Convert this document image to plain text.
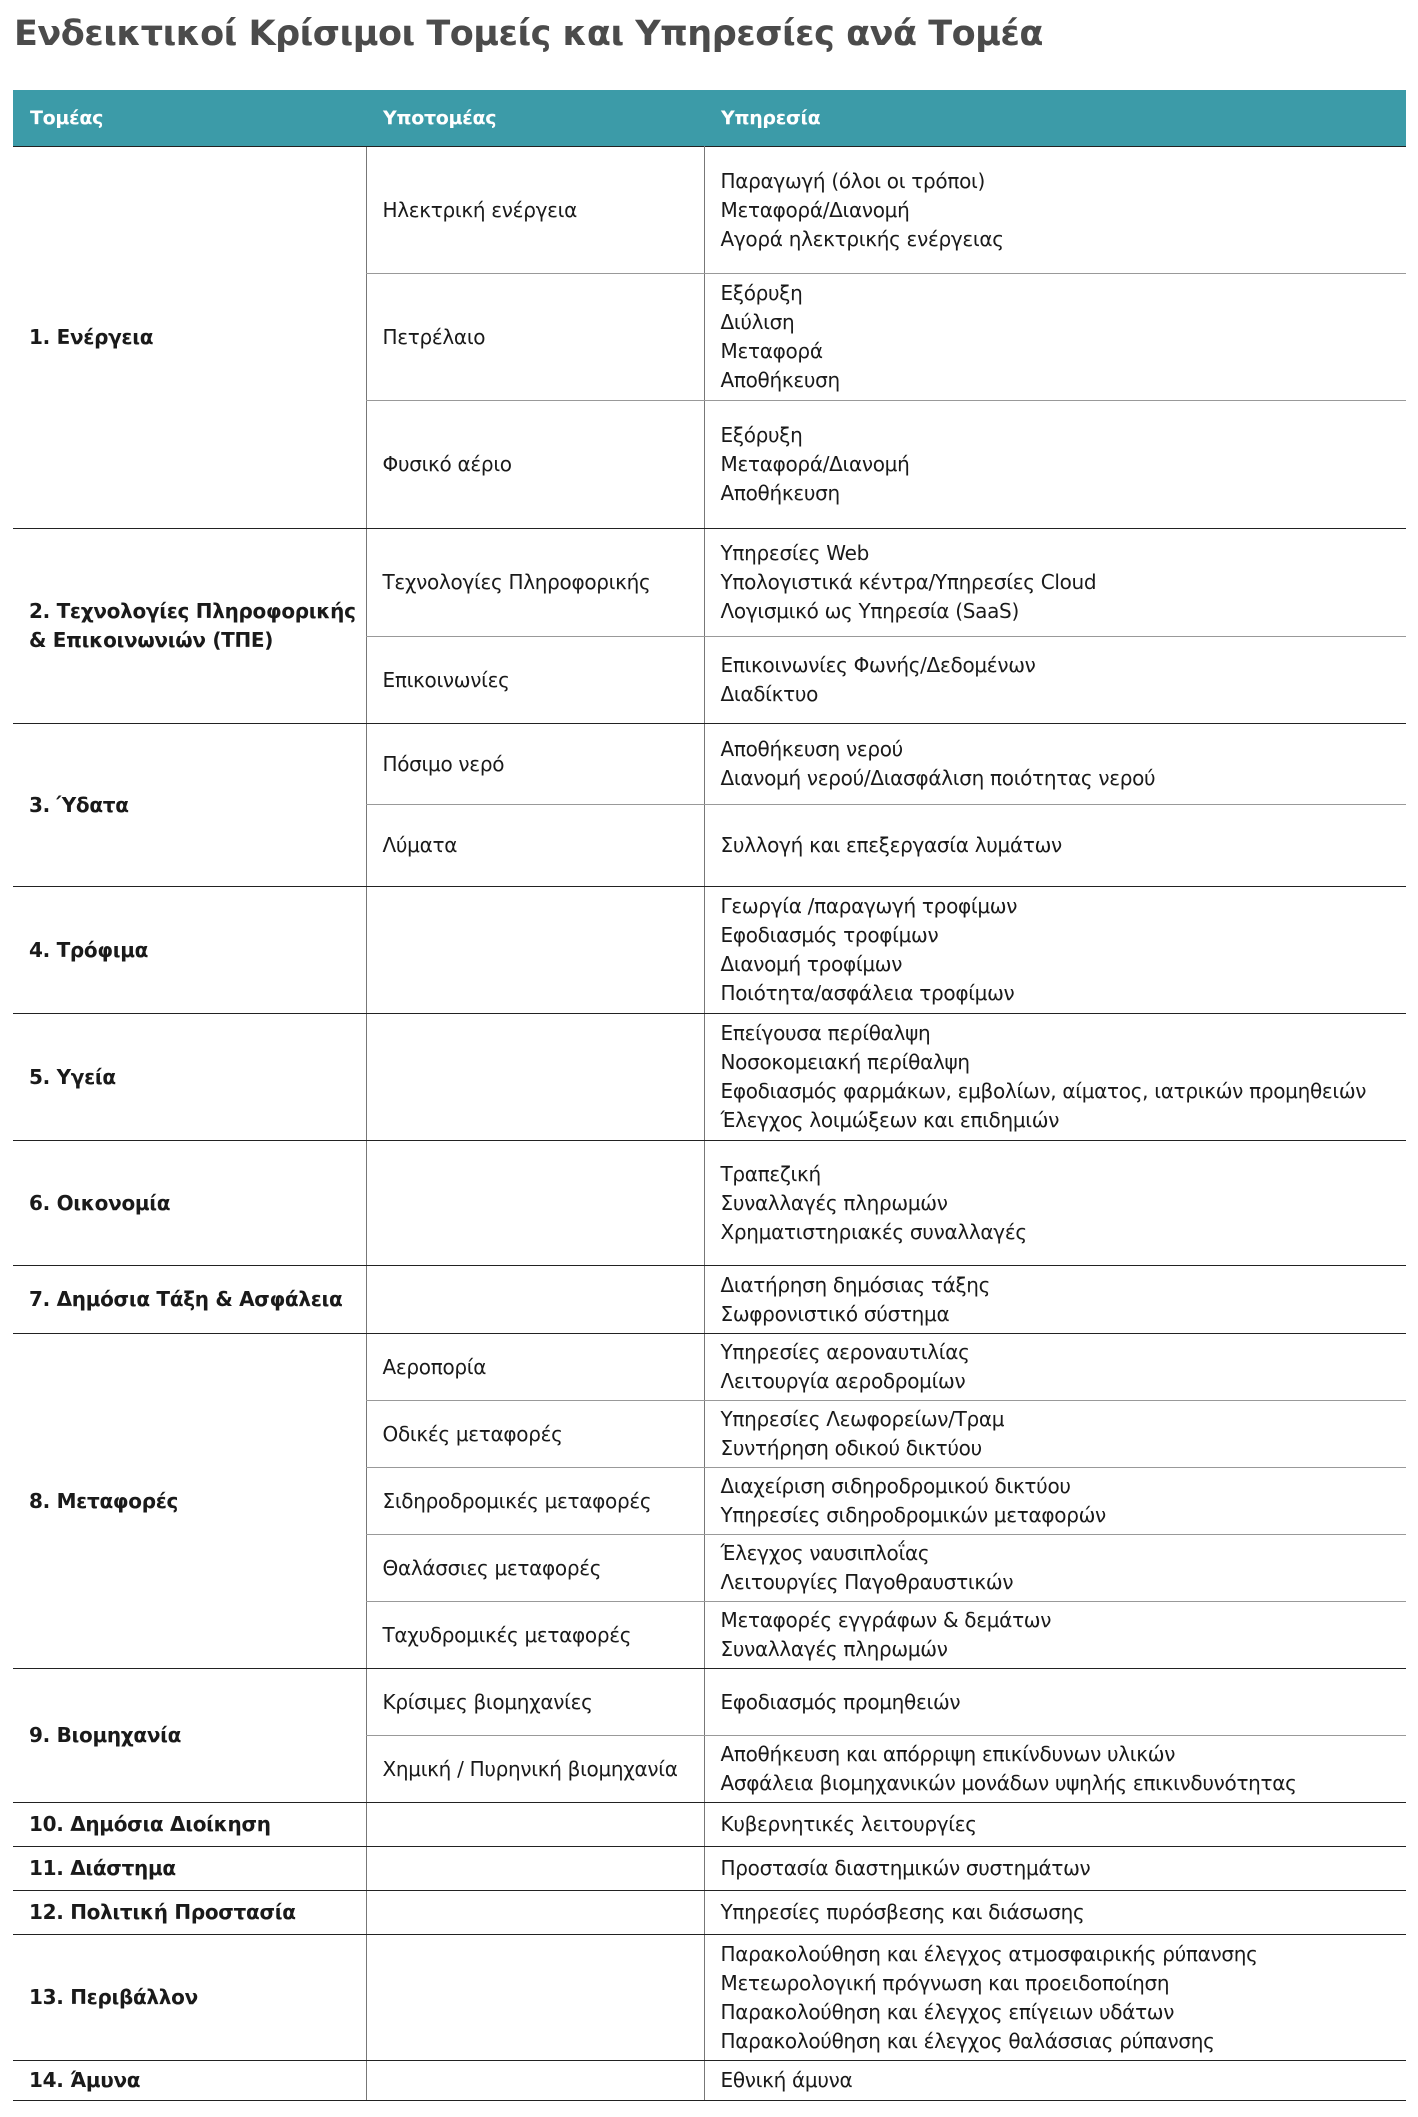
Ενδεικτικοί Κρίσιμοι Τομείς και Υπηρεσίες ανά Τομέα
Τομέας	Υποτομέας	Υπηρεσία
1. Ενέργεια	Ηλεκτρική ενέργεια	Παραγωγή (όλοι οι τρόποι)
Μεταφορά/Διανομή
Αγορά ηλεκτρικής ενέργειας

	Πετρέλαιο	Εξόρυξη
Διύλιση
Μεταφορά
Αποθήκευση

	Φυσικό αέριο	Εξόρυξη
Μεταφορά/Διανομή
Αποθήκευση

2. Τεχνολογίες Πληροφορικής & Επικοινωνιών (ΤΠΕ)	Τεχνολογίες Πληροφορικής	Υπηρεσίες Web
Υπολογιστικά κέντρα/Υπηρεσίες Cloud
Λογισμικό ως Υπηρεσία (SaaS)

	Επικοινωνίες	Επικοινωνίες Φωνής/Δεδομένων
Διαδίκτυο

3. Ύδατα	Πόσιμο νερό	Αποθήκευση νερού
Διανομή νερού/Διασφάλιση ποιότητας νερού

	Λύματα	Συλλογή και επεξεργασία λυμάτων

4. Τρόφιμα		Γεωργία /παραγωγή τροφίμων
Εφοδιασμός τροφίμων
Διανομή τροφίμων
Ποιότητα/ασφάλεια τροφίμων

5. Υγεία		Επείγουσα περίθαλψη
Νοσοκομειακή περίθαλψη
Εφοδιασμός φαρμάκων, εμβολίων, αίματος, ιατρικών προμηθειών
Έλεγχος λοιμώξεων και επιδημιών

6. Οικονομία		Τραπεζική
Συναλλαγές πληρωμών
Χρηματιστηριακές συναλλαγές

7. Δημόσια Τάξη & Ασφάλεια		Διατήρηση δημόσιας τάξης
Σωφρονιστικό σύστημα

8. Μεταφορές	Αεροπορία	Υπηρεσίες αεροναυτιλίας
Λειτουργία αεροδρομίων

	Οδικές μεταφορές	Υπηρεσίες Λεωφορείων/Τραμ
Συντήρηση οδικού δικτύου

	Σιδηροδρομικές μεταφορές	Διαχείριση σιδηροδρομικού δικτύου
Υπηρεσίες σιδηροδρομικών μεταφορών

	Θαλάσσιες μεταφορές	Έλεγχος ναυσιπλοΐας
Λειτουργίες Παγοθραυστικών

	Ταχυδρομικές μεταφορές	Μεταφορές εγγράφων & δεμάτων
Συναλλαγές πληρωμών

9. Βιομηχανία	Κρίσιμες βιομηχανίες	Εφοδιασμός προμηθειών

	Χημική / Πυρηνική βιομηχανία	Αποθήκευση και απόρριψη επικίνδυνων υλικών
Ασφάλεια βιομηχανικών μονάδων υψηλής επικινδυνότητας

10. Δημόσια Διοίκηση		Κυβερνητικές λειτουργίες

11. Διάστημα		Προστασία διαστημικών συστημάτων

12. Πολιτική Προστασία		Υπηρεσίες πυρόσβεσης και διάσωσης

13. Περιβάλλον		Παρακολούθηση και έλεγχος ατμοσφαιρικής ρύπανσης
Μετεωρολογική πρόγνωση και προειδοποίηση
Παρακολούθηση και έλεγχος επίγειων υδάτων
Παρακολούθηση και έλεγχος θαλάσσιας ρύπανσης

14. Άμυνα		Εθνική άμυνα
